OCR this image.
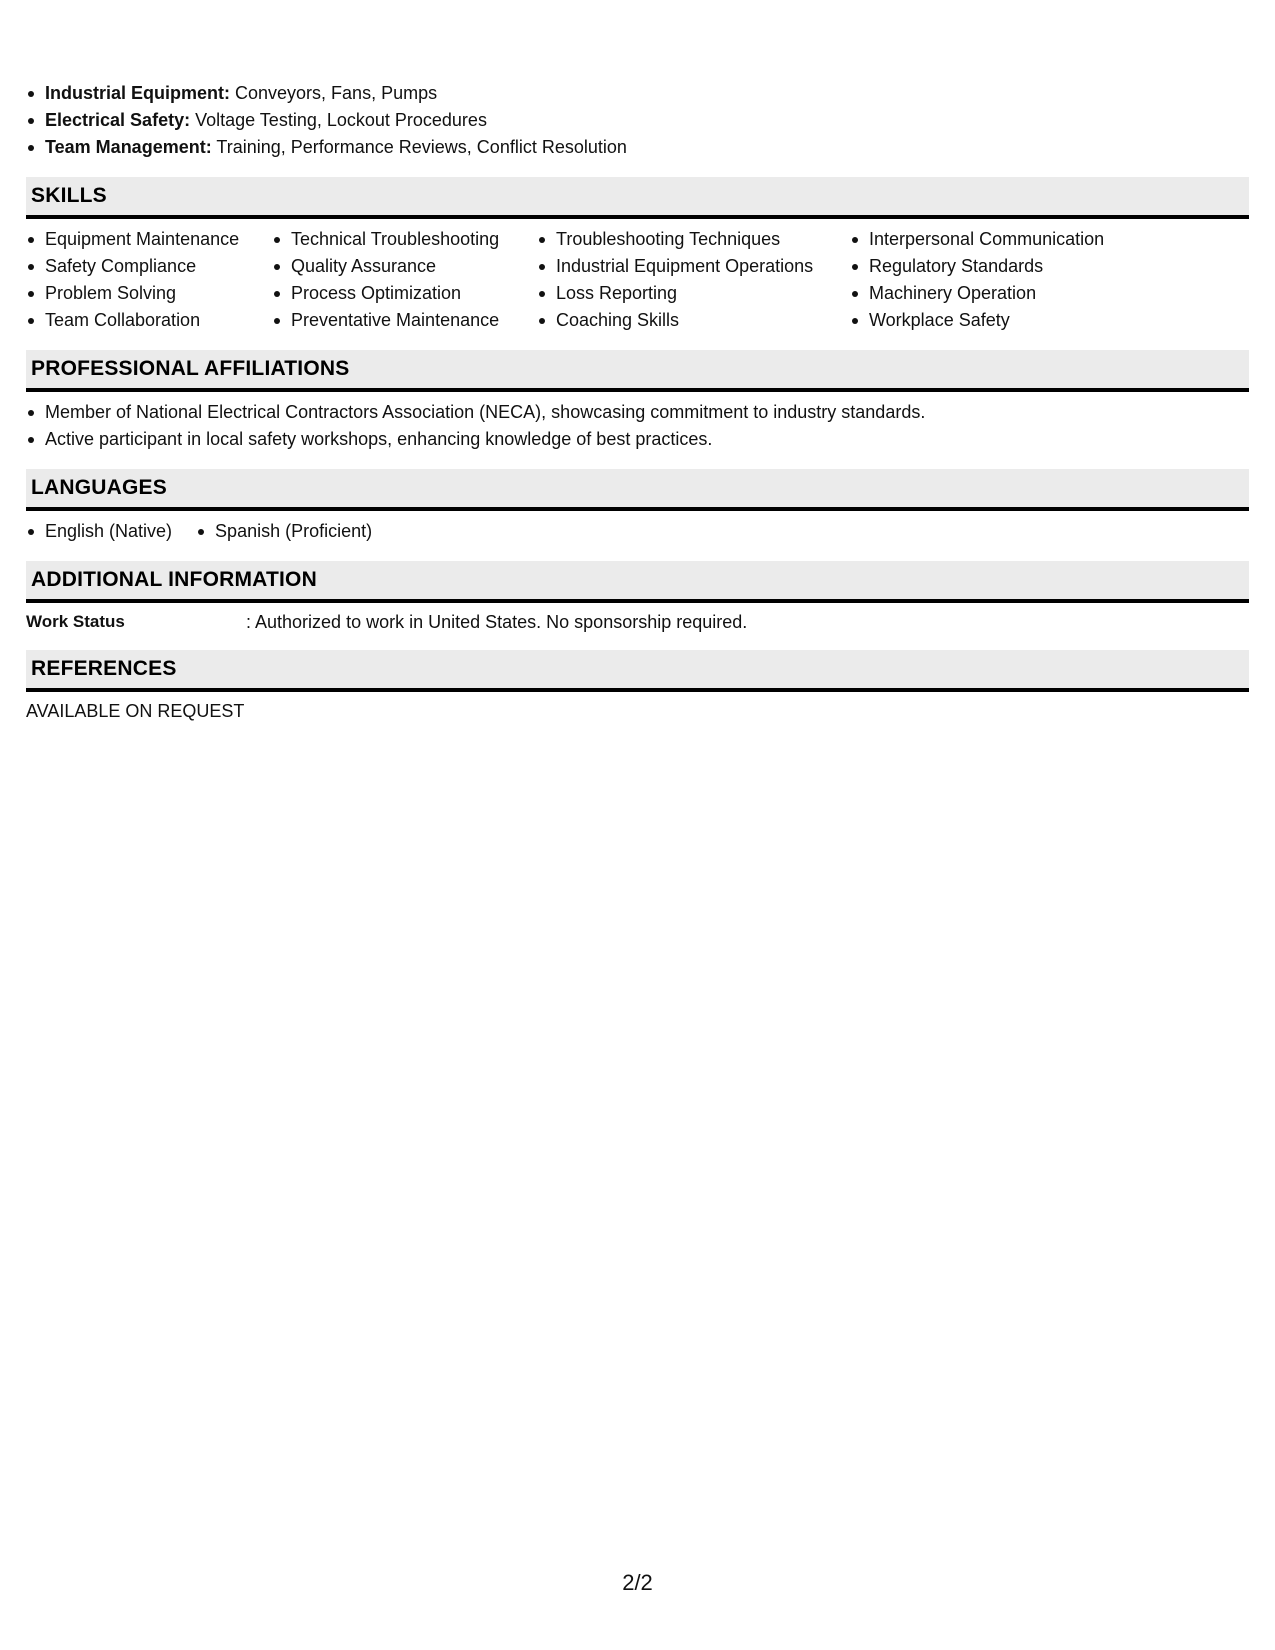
Industrial Equipment: Conveyors, Fans, Pumps
Electrical Safety: Voltage Testing, Lockout Procedures
Team Management: Training, Performance Reviews, Conflict Resolution
SKILLS
Equipment Maintenance
Safety Compliance
Problem Solving
Team Collaboration
Technical Troubleshooting
Quality Assurance
Process Optimization
Preventative Maintenance
Troubleshooting Techniques
Industrial Equipment Operations
Loss Reporting
Coaching Skills
Interpersonal Communication
Regulatory Standards
Machinery Operation
Workplace Safety
PROFESSIONAL AFFILIATIONS
Member of National Electrical Contractors Association (NECA), showcasing commitment to industry standards.
Active participant in local safety workshops, enhancing knowledge of best practices.
LANGUAGES
English (Native)	Spanish (Proficient)
ADDITIONAL INFORMATION
Work Status	: Authorized to work in United States. No sponsorship required.
REFERENCES
AVAILABLE ON REQUEST
2/2
